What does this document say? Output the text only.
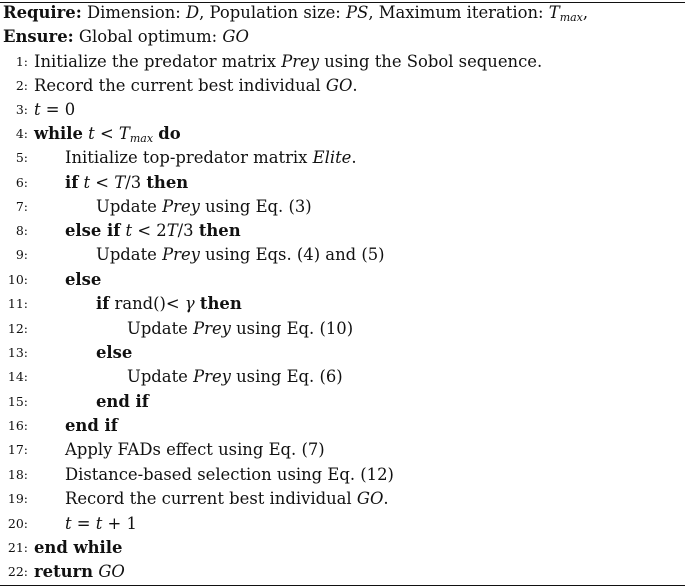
Require: Dimension: D, Population size: PS, Maximum iteration: $T_{max}$,
Ensure: Global optimum: GO
1: Initialize the predator matrix Prey using the Sobol sequence.
2: Record the current best individual GO.
3: t = 0
4: while $t < T_{max}$ do
5: Initialize top-predator matrix Elite.
6: if t < T/3 then
7:	Update Prey using Eq. (3)
8: else if t < 2T/3 then
9:	Update Prey using Eqs. (4) and (5)
10: else
11:	if rand()< γ then
12:	Update Prey using Eq. (10)
13:	else
14:	Update Prey using Eq. (6)
15:	end if
16: end if
17: Apply FADs effect using Eq. (7)
18: Distance-based selection using Eq. (12)
19: Record the current best individual GO.
20: t = t + 1
21: end while
22: return GO
